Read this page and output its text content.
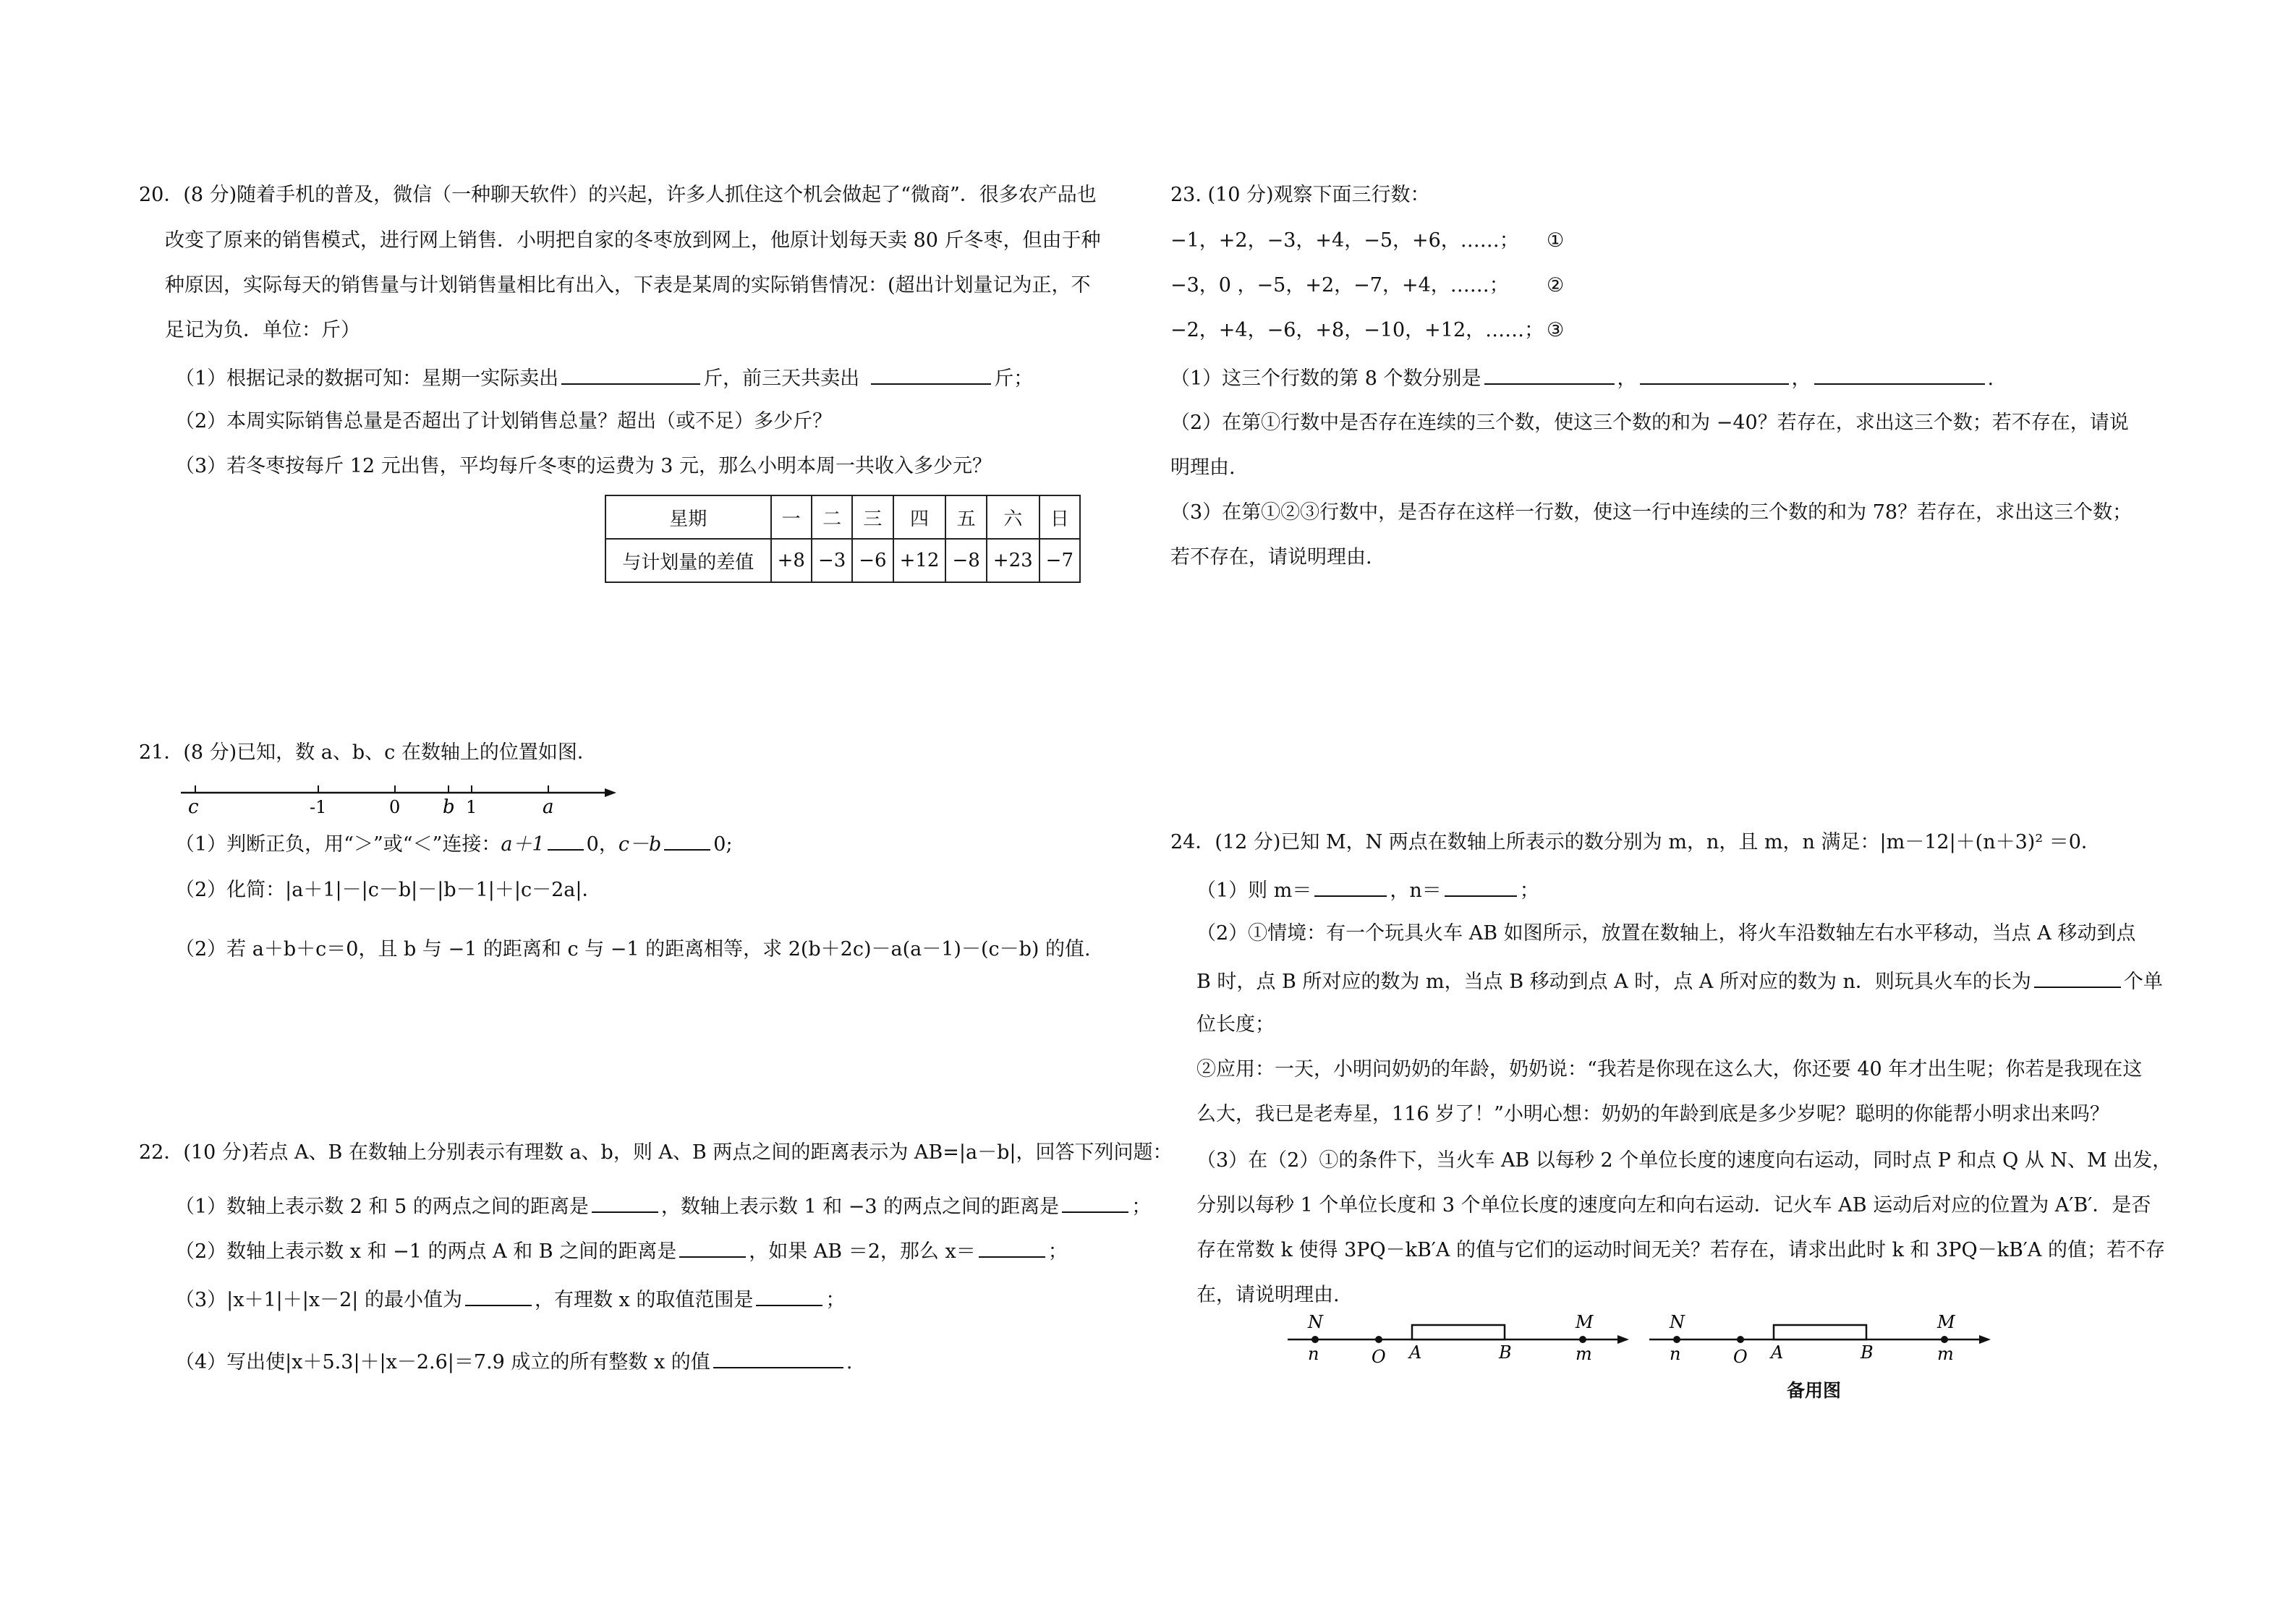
20．(8 分)随着手机的普及，微信（一种聊天软件）的兴起，许多人抓住这个机会做起了“微商”．很多农产品也
改变了原来的销售模式，进行网上销售．小明把自家的冬枣放到网上，他原计划每天卖 80 斤冬枣，但由于种
种原因，实际每天的销售量与计划销售量相比有出入，下表是某周的实际销售情况：(超出计划量记为正，不
足记为负．单位：斤）
（1）根据记录的数据可知：星期一实际卖出	斤，前三天共卖出	斤；
（2）本周实际销售总量是否超出了计划销售总量？超出（或不足）多少斤？
（3）若冬枣按每斤 12 元出售，平均每斤冬枣的运费为 3 元，那么小明本周一共收入多少元？
星期	一	二	三	四	五	六	日
与计划量的差值	+8	−3	−6	+12	−8	+23	−7
21．(8 分)已知，数 a、b、c 在数轴上的位置如图．
c	-1	0 b 1	a
（1）判断正负，用“＞”或“＜”连接：a＋1 0，c－b	0;
（2）化简：|a＋1|－|c－b|－|b－1|＋|c－2a|．
（2）若 a＋b＋c＝0，且 b 与 −1 的距离和 c 与 −1 的距离相等，求 2(b＋2c)－a(a－1)－(c－b) 的值.
22．(10 分)若点 A、B 在数轴上分别表示有理数 a、b，则 A、B 两点之间的距离表示为 AB=|a－b|，回答下列问题：
（1）数轴上表示数 2 和 5 的两点之间的距离是	，数轴上表示数 1 和 −3 的两点之间的距离是	；
（2）数轴上表示数 x 和 −1 的两点 A 和 B 之间的距离是	，如果 AB ＝2，那么 x＝	；
（3）|x＋1|＋|x－2| 的最小值为	，有理数 x 的取值范围是	；
（4）写出使|x＋5.3|＋|x－2.6|＝7.9 成立的所有整数 x 的值	.
23. (10 分)观察下面三行数：
−1，+2，−3，+4，−5，+6，……； ①
−3，0 ，−5，+2，−7，+4，……； ②
−2，+4，−6，+8，−10，+12，……； ③
（1）这三个行数的第 8 个数分别是	，	，	.
（2）在第①行数中是否存在连续的三个数，使这三个数的和为 −40？若存在，求出这三个数；若不存在，请说
明理由.
（3）在第①②③行数中，是否存在这样一行数，使这一行中连续的三个数的和为 78？若存在，求出这三个数；
若不存在，请说明理由.
24．(12 分)已知 M，N 两点在数轴上所表示的数分别为 m，n，且 m，n 满足：|m－12|＋(n＋3)² ＝0．
（1）则 m＝	，n＝	；
（2）①情境：有一个玩具火车 AB 如图所示，放置在数轴上，将火车沿数轴左右水平移动，当点 A 移动到点
B 时，点 B 所对应的数为 m，当点 B 移动到点 A 时，点 A 所对应的数为 n．则玩具火车的长为	个单
位长度；
②应用：一天，小明问奶奶的年龄，奶奶说：“我若是你现在这么大，你还要 40 年才出生呢；你若是我现在这
么大，我已是老寿星，116 岁了！”小明心想：奶奶的年龄到底是多少岁呢？聪明的你能帮小明求出来吗？
（3）在（2）①的条件下，当火车 AB 以每秒 2 个单位长度的速度向右运动，同时点 P 和点 Q 从 N、M 出发，
分别以每秒 1 个单位长度和 3 个单位长度的速度向左和向右运动．记火车 AB 运动后对应的位置为 A′B′．是否
存在常数 k 使得 3PQ－kB′A 的值与它们的运动时间无关？若存在，请求出此时 k 和 3PQ－kB′A 的值；若不存
在，请说明理由.
N
n	O A	B
M
m
N
n	O A	B
M
m
备用图
